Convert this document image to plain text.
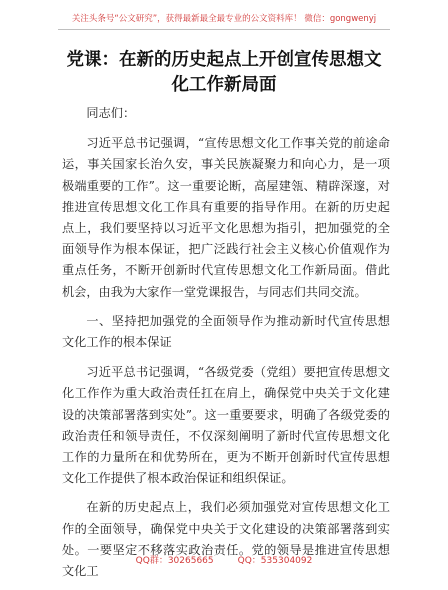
关注头条号“公文研究”，获得最新最全最专业的公文资料库！ 微信：gongwenyj
党课：在新的历史起点上开创宣传思想文化工作新局面

同志们：

习近平总书记强调，“宣传思想文化工作事关党的前途命运，事关国家长治久安，事关民族凝聚力和向心力，是一项极端重要的工作”。这一重要论断，高屋建瓴、精辟深邃，对推进宣传思想文化工作具有重要的指导作用。在新的历史起点上，我们要坚持以习近平文化思想为指引，把加强党的全面领导作为根本保证，把广泛践行社会主义核心价值观作为重点任务，不断开创新时代宣传思想文化工作新局面。借此机会，由我为大家作一堂党课报告，与同志们共同交流。

一、坚持把加强党的全面领导作为推动新时代宣传思想文化工作的根本保证

习近平总书记强调，“各级党委（党组）要把宣传思想文化工作作为重大政治责任扛在肩上，确保党中央关于文化建设的决策部署落到实处”。这一重要要求，明确了各级党委的政治责任和领导责任，不仅深刻阐明了新时代宣传思想文化工作的力量所在和优势所在，更为不断开创新时代宣传思想文化工作提供了根本政治保证和组织保证。

在新的历史起点上，我们必须加强党对宣传思想文化工作的全面领导，确保党中央关于文化建设的决策部署落到实处。一要坚定不移落实政治责任。党的领导是推进宣传思想文化工

QQ群：30265665	QQ：535304092
